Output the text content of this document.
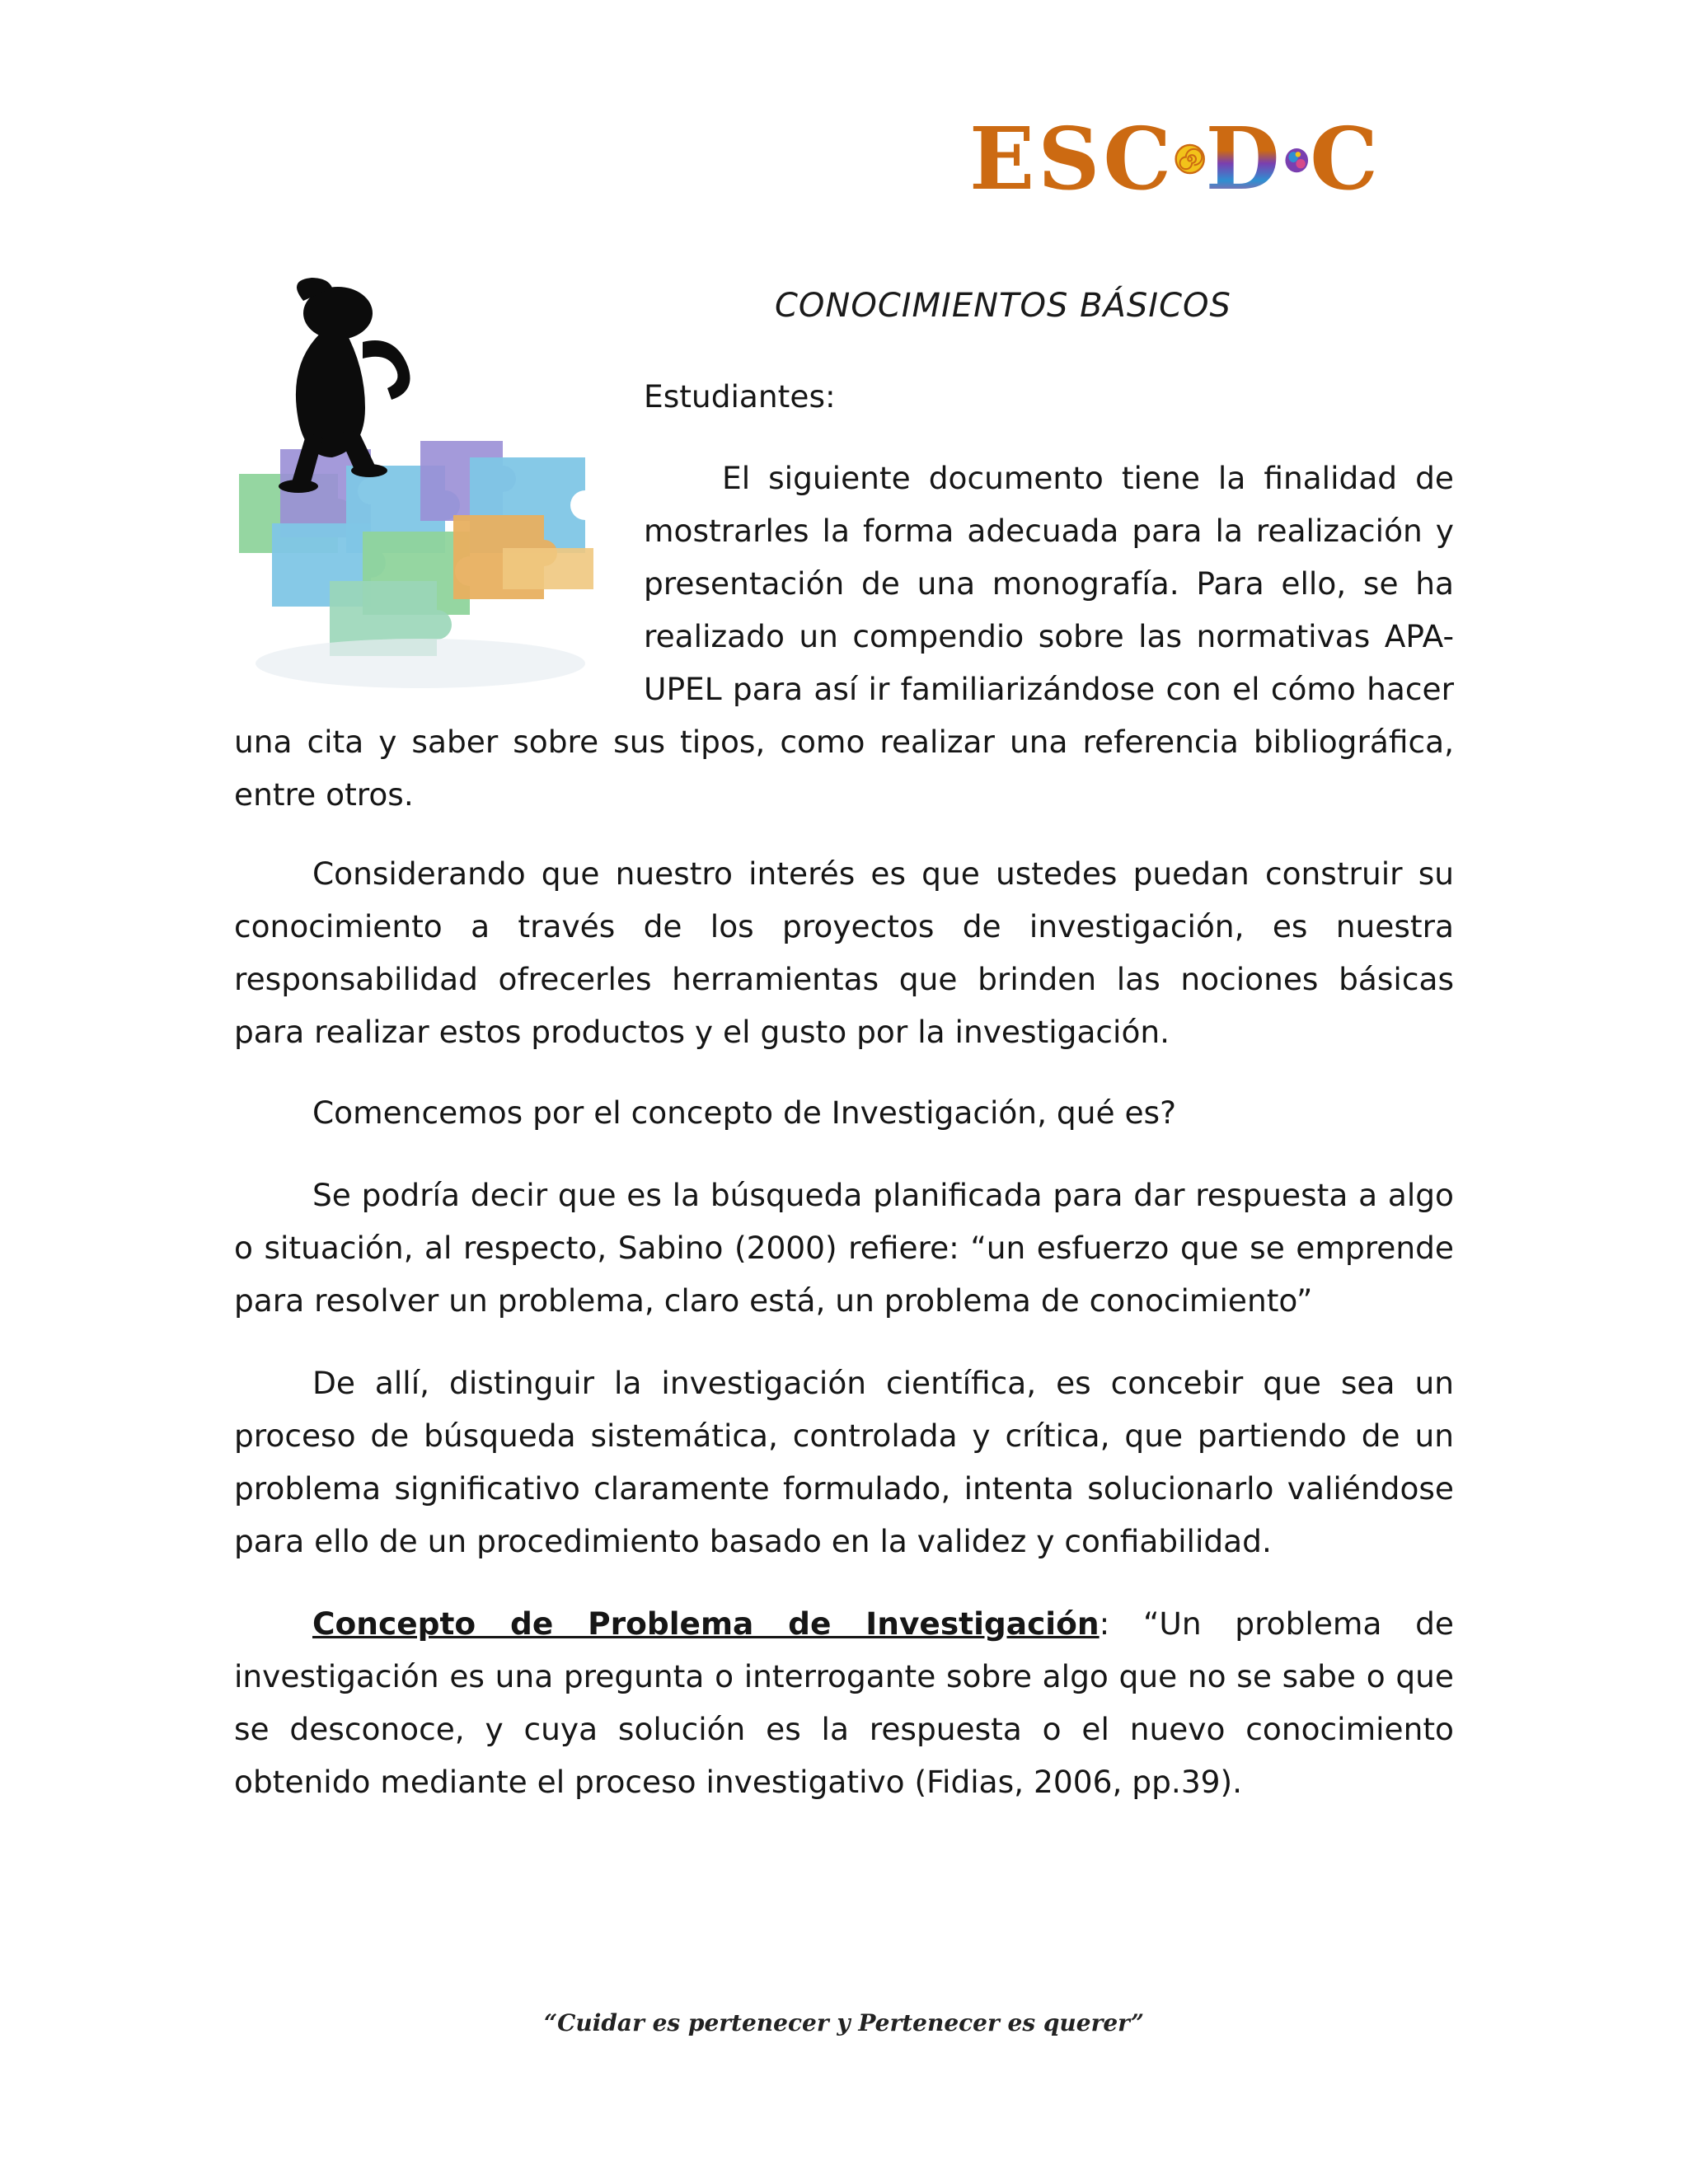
E S C D C
CONOCIMIENTOS BÁSICOS
Estudiantes:
El siguiente documento tiene la finalidad de
mostrarles la forma adecuada para la realización y
presentación de una monografía. Para ello, se ha
realizado un compendio sobre las normativas APA-
UPEL para así ir familiarizándose con el cómo hacer
una cita y saber sobre sus tipos, como realizar una referencia bibliográfica,
entre otros.
Considerando que nuestro interés es que ustedes puedan construir su conocimiento a través de los proyectos de investigación, es nuestra responsabilidad ofrecerles herramientas que brinden las nociones básicas para realizar estos productos y el gusto por la investigación.
Comencemos por el concepto de Investigación, qué es?
Se podría decir que es la búsqueda planificada para dar respuesta a algo o situación, al respecto, Sabino (2000) refiere: “un esfuerzo que se emprende para resolver un problema, claro está, un problema de conocimiento”
De allí, distinguir la investigación científica, es concebir que sea un proceso de búsqueda sistemática, controlada y crítica, que partiendo de un problema significativo claramente formulado, intenta solucionarlo valiéndose para ello de un procedimiento basado en la validez y confiabilidad.
Concepto de Problema de Investigación: “Un problema de investigación es una pregunta o interrogante sobre algo que no se sabe o que se desconoce, y cuya solución es la respuesta o el nuevo conocimiento obtenido mediante el proceso investigativo (Fidias, 2006, pp.39).
“Cuidar es pertenecer y Pertenecer es querer”
